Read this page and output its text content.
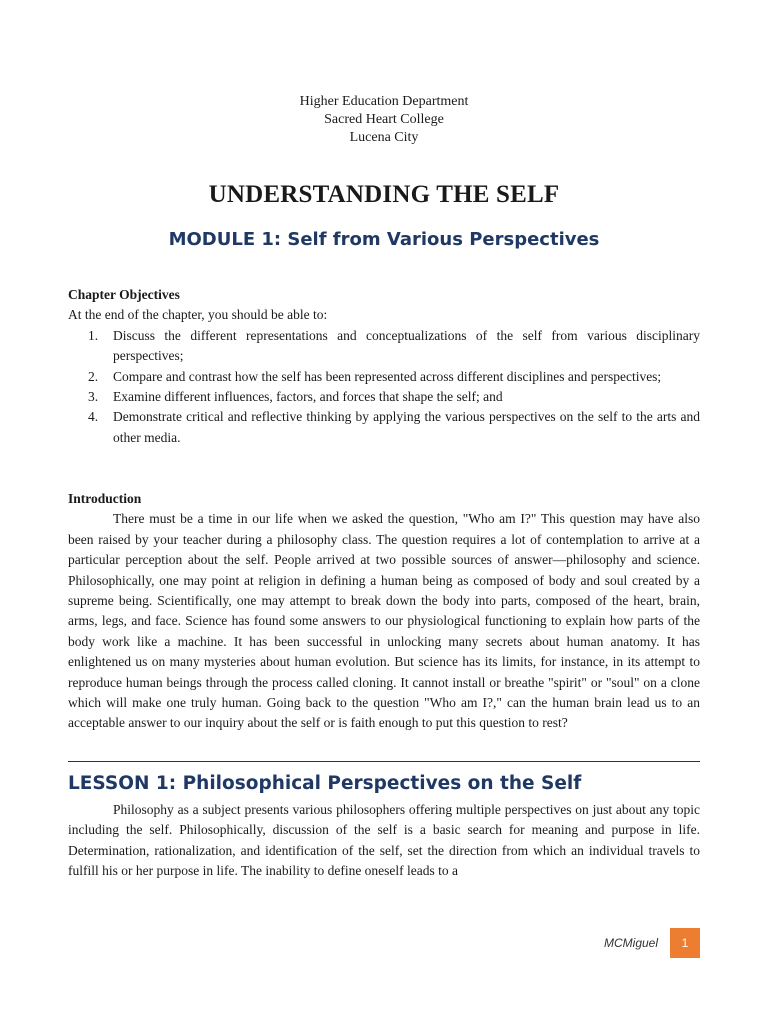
Higher Education Department
Sacred Heart College
Lucena City
UNDERSTANDING THE SELF
MODULE 1: Self from Various Perspectives
Chapter Objectives
At the end of the chapter, you should be able to:
1. Discuss the different representations and conceptualizations of the self from various disciplinary perspectives;
2. Compare and contrast how the self has been represented across different disciplines and perspectives;
3. Examine different influences, factors, and forces that shape the self; and
4. Demonstrate critical and reflective thinking by applying the various perspectives on the self to the arts and other media.
Introduction

There must be a time in our life when we asked the question, "Who am I?" This question may have also been raised by your teacher during a philosophy class. The question requires a lot of contemplation to arrive at a particular perception about the self. People arrived at two possible sources of answer—philosophy and science. Philosophically, one may point at religion in defining a human being as composed of body and soul created by a supreme being. Scientifically, one may attempt to break down the body into parts, composed of the heart, brain, arms, legs, and face. Science has found some answers to our physiological functioning to explain how parts of the body work like a machine. It has been successful in unlocking many secrets about human anatomy. It has enlightened us on many mysteries about human evolution. But science has its limits, for instance, in its attempt to reproduce human beings through the process called cloning. It cannot install or breathe "spirit" or "soul" on a clone which will make one truly human. Going back to the question "Who am I?," can the human brain lead us to an acceptable answer to our inquiry about the self or is faith enough to put this question to rest?

LESSON 1: Philosophical Perspectives on the Self

Philosophy as a subject presents various philosophers offering multiple perspectives on just about any topic including the self. Philosophically, discussion of the self is a basic search for meaning and purpose in life. Determination, rationalization, and identification of the self, set the direction from which an individual travels to fulfill his or her purpose in life. The inability to define oneself leads to a

MCMiguel	1
